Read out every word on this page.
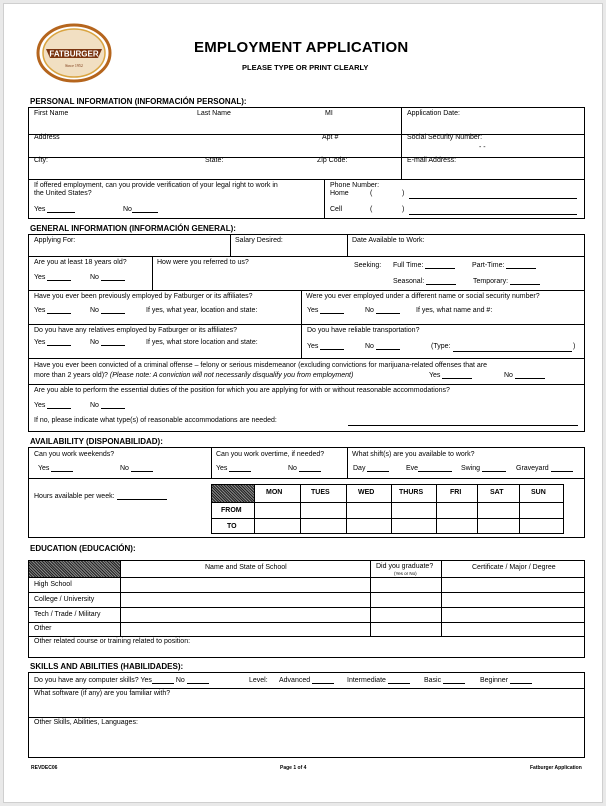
FATBURGER
Since 1952
EMPLOYMENT APPLICATION
PLEASE TYPE OR PRINT CLEARLY
PERSONAL INFORMATION (INFORMACIÓN PERSONAL):
First Name	Last Name	MI	Application Date:
Address	Apt #	Social Security Number:
- -
City:	State:	Zip Code:	E-mail Address:
If offered employment, can you provide verification of your legal right to work in
the United States?
Yes	No
Phone Number:
Home	(	)
Cell	(	)
GENERAL INFORMATION (INFORMACIÓN GENERAL):
Applying For:	Salary Desired:	Date Available to Work:
Are you at least 18 years old?
Yes	No
How were you referred to us?	Seeking: Full Time:	Part-Time:
Seasonal:	Temporary:
Have you ever been previously employed by Fatburger or its affiliates?
Yes	No	If yes, what year, location and state:
Were you ever employed under a different name or social security number?
Yes	No	If yes, what name and #:
Do you have any relatives employed by Fatburger or its affiliates?
Yes	No	If yes, what store location and state:
Do you have reliable transportation?
Yes	No	(Type:	)
Have you ever been convicted of a criminal offense – felony or serious misdemeanor (excluding convictions for marijuana-related offenses that are
more than 2 years old)? (Please note: A conviction will not necessarily disqualify you from employment)	Yes	No
Are you able to perform the essential duties of the position for which you are applying for with or without reasonable accommodations?
Yes	No
If no, please indicate what type(s) of reasonable accommodations are needed:
AVAILABILITY (DISPONABILIDAD):
Can you work weekends?
Yes	No
Can you work overtime, if needed?
Yes	No
What shift(s) are you available to work?
Day	Eve	Swing	Graveyard
Hours available per week:
MON	TUES	WED	THURS	FRI	SAT	SUN
FROM
TO
EDUCATION (EDUCACIÓN):
Name and State of School	Did you graduate?
(Yes or No)
Certificate / Major / Degree
High School
College / University
Tech / Trade / Military
Other
Other related course or training related to position:
SKILLS AND ABILITIES (HABILIDADES):
Do you have any computer skills? Yes	No	Level: Advanced	Intermediate	Basic	Beginner
What software (if any) are you familiar with?
Other Skills, Abilities, Languages:
REVDEC06	Page 1 of 4	Fatburger Application
